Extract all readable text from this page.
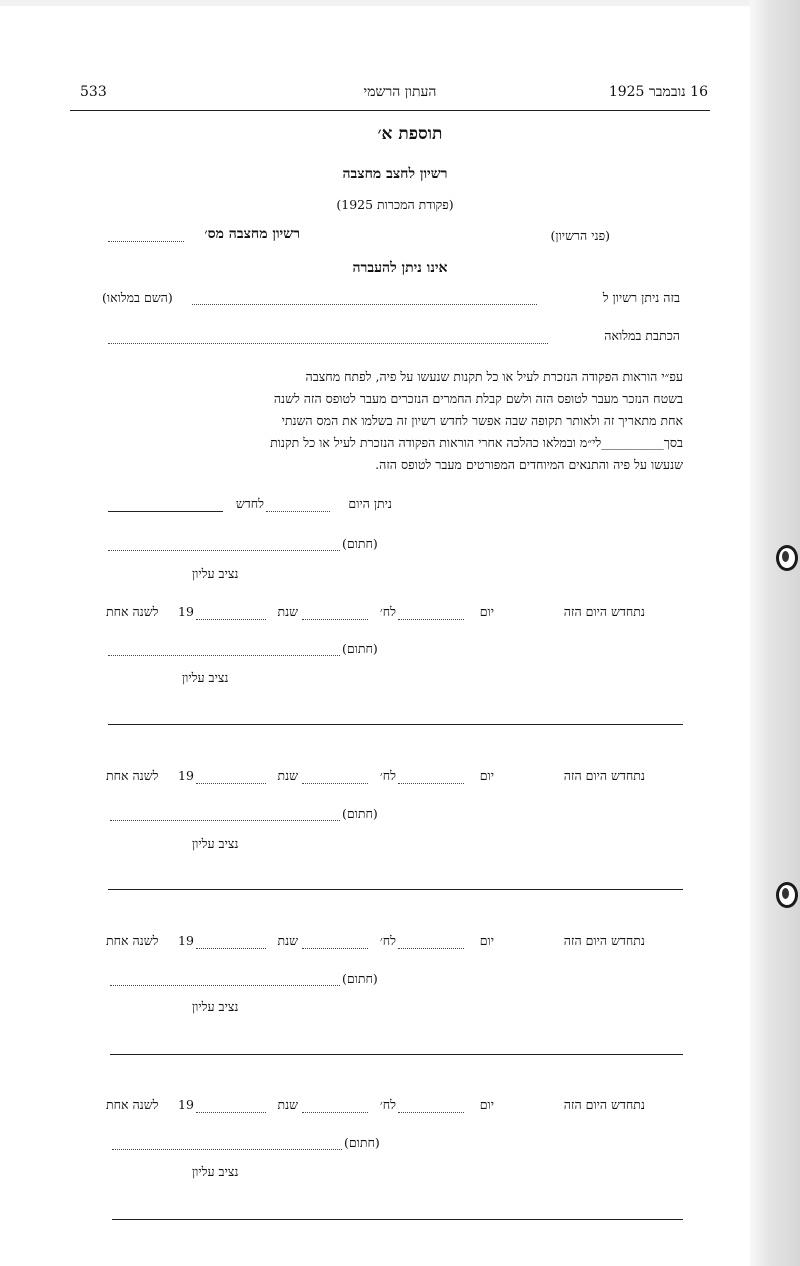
533	העתון הרשמי	16 נובמבר 1925
תוספת א׳
רשיון לחצב מחצבה
(פקודת המכרות 1925)
רשיון מחצבה מס׳	(פני הרשיון)
אינו ניתן להעברה
(השם במלואו)	בזה ניתן רשיון ל
הכתבת במלואה
עפ״י הוראות הפקודה הנזכרת לעיל או כל תקנות שנעשו על פיה, לפתח מחצבה
בשטח הנזכר מעבר לטופס הזה ולשם קבלת החמרים הנזכרים מעבר לטופס הזה לשנה
אחת מתאריך זה ולאותר תקופה שבה אפשר לחדש רשיון זה בשלמו את המס השנתי
בסך__________לי״מ ובמלאו כהלכה אחרי הוראות הפקודה הנזכרת לעיל או כל תקנות
שנעשו על פיה והתנאים המיוחדים המפורטים מעבר לטופס הזה.
לחדש	ניתן היום
(חתום)
נציב עליון
לשנה אחת	19	שנת	לח׳	יום	נתחדש היום הזה
(חתום)
נציב עליון
לשנה אחת	19	שנת	לח׳	יום	נתחדש היום הזה
(חתום)
נציב עליון
לשנה אחת	19	שנת	לח׳	יום	נתחדש היום הזה
(חתום)
נציב עליון
לשנה אחת	19	שנת	לח׳	יום	נתחדש היום הזה
(חתום)
נציב עליון
